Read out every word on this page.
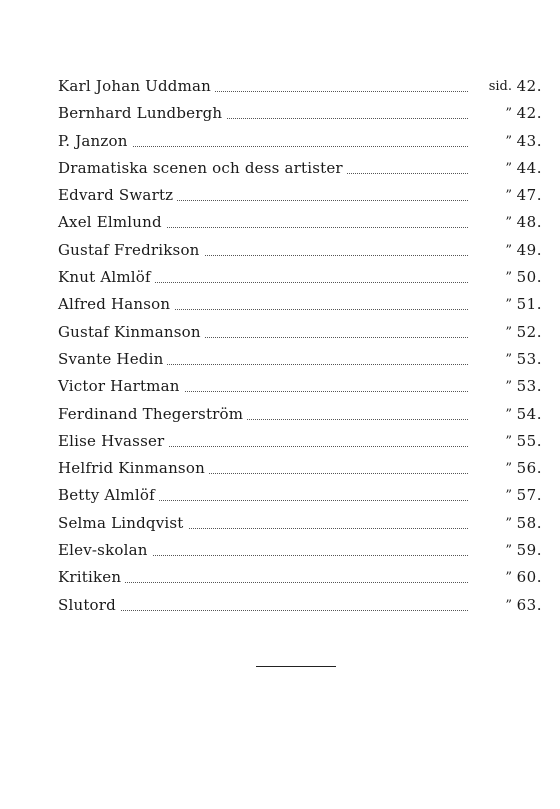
Karl Johan Uddman	sid. 42.
Bernhard Lundbergh	” 42.
P. Janzon	” 43.
Dramatiska scenen och dess artister	” 44.
Edvard Swartz	” 47.
Axel Elmlund	” 48.
Gustaf Fredrikson	” 49.
Knut Almlöf	” 50.
Alfred Hanson	” 51.
Gustaf Kinmanson	” 52.
Svante Hedin	” 53.
Victor Hartman	” 53.
Ferdinand Thegerström	” 54.
Elise Hvasser	” 55.
Helfrid Kinmanson	” 56.
Betty Almlöf	” 57.
Selma Lindqvist	” 58.
Elev-skolan	” 59.
Kritiken	” 60.
Slutord	” 63.
